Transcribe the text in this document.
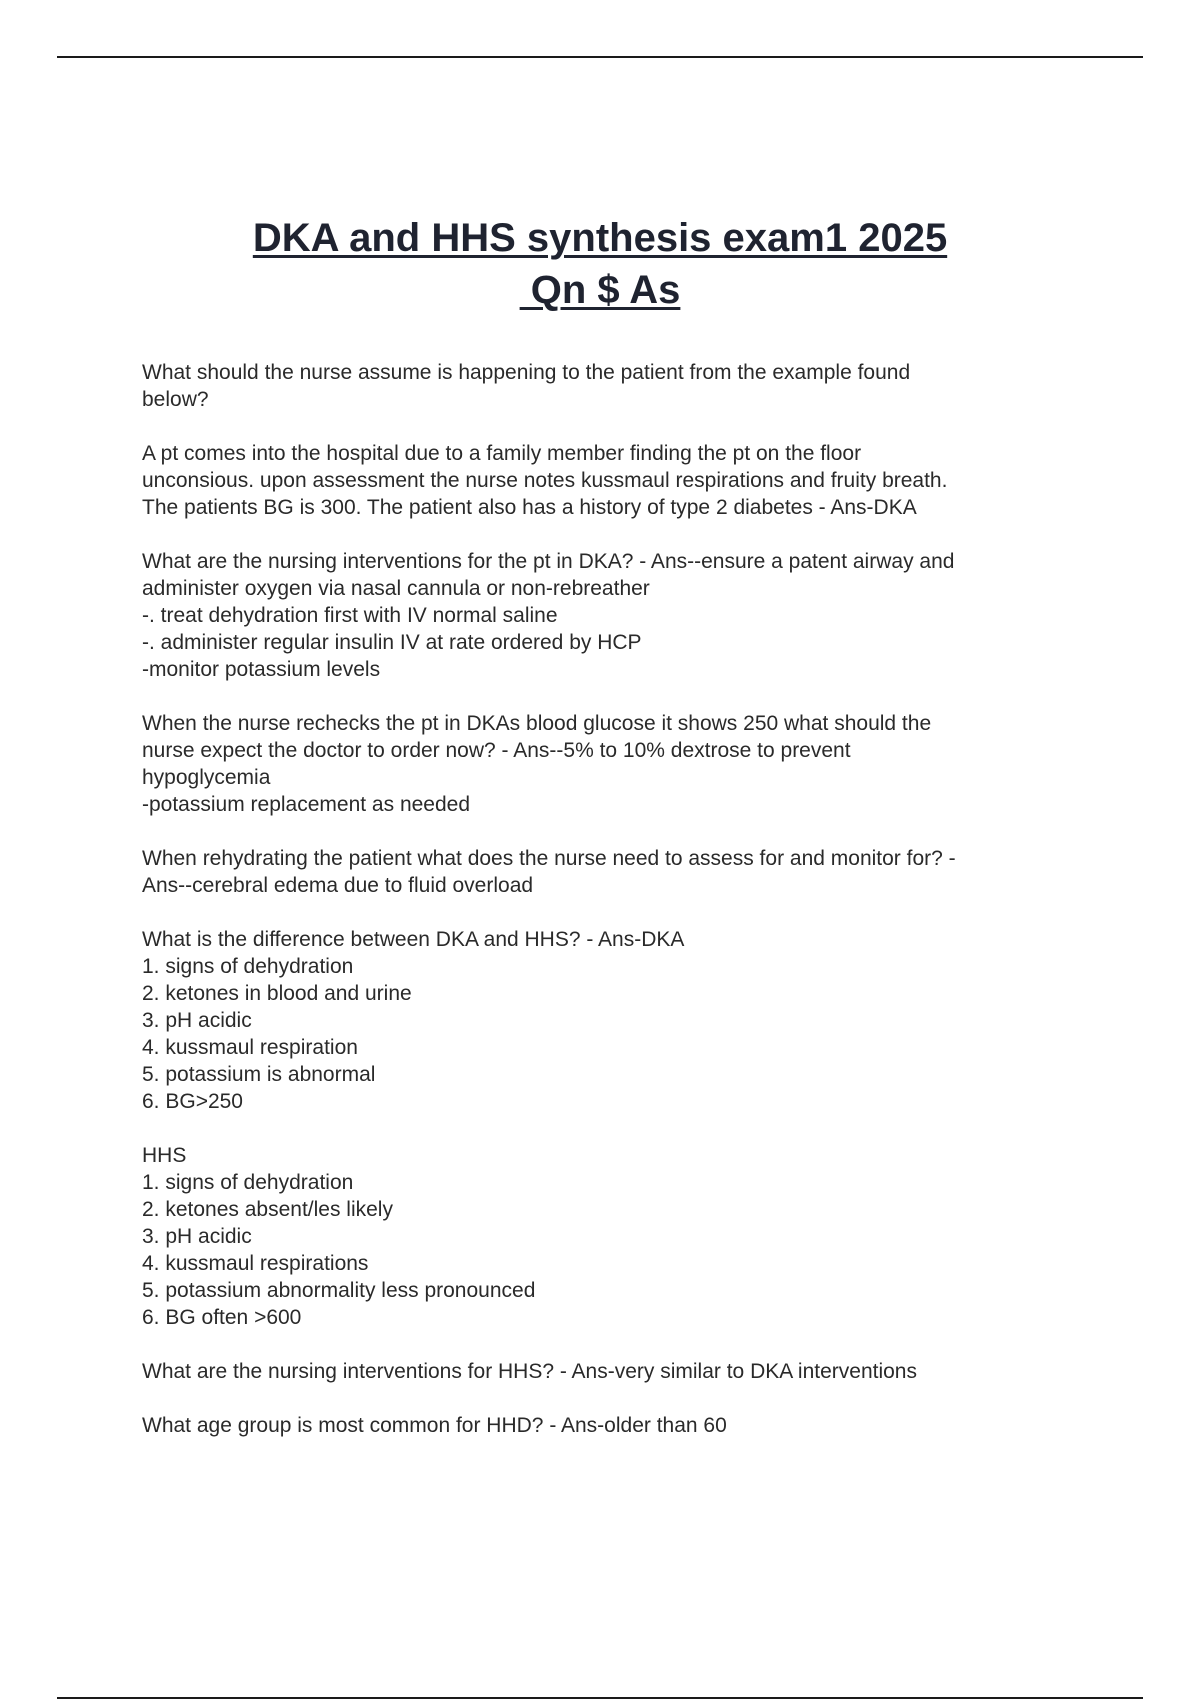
DKA and HHS synthesis exam1 2025
Qn $ As
What should the nurse assume is happening to the patient from the example found
below?
A pt comes into the hospital due to a family member finding the pt on the floor
unconsious. upon assessment the nurse notes kussmaul respirations and fruity breath.
The patients BG is 300. The patient also has a history of type 2 diabetes - Ans-DKA
What are the nursing interventions for the pt in DKA? - Ans--ensure a patent airway and
administer oxygen via nasal cannula or non-rebreather
-. treat dehydration first with IV normal saline
-. administer regular insulin IV at rate ordered by HCP
-monitor potassium levels
When the nurse rechecks the pt in DKAs blood glucose it shows 250 what should the
nurse expect the doctor to order now? - Ans--5% to 10% dextrose to prevent
hypoglycemia
-potassium replacement as needed
When rehydrating the patient what does the nurse need to assess for and monitor for? -
Ans--cerebral edema due to fluid overload
What is the difference between DKA and HHS? - Ans-DKA
1. signs of dehydration
2. ketones in blood and urine
3. pH acidic
4. kussmaul respiration
5. potassium is abnormal
6. BG>250
HHS
1. signs of dehydration
2. ketones absent/les likely
3. pH acidic
4. kussmaul respirations
5. potassium abnormality less pronounced
6. BG often >600
What are the nursing interventions for HHS? - Ans-very similar to DKA interventions
What age group is most common for HHD? - Ans-older than 60
